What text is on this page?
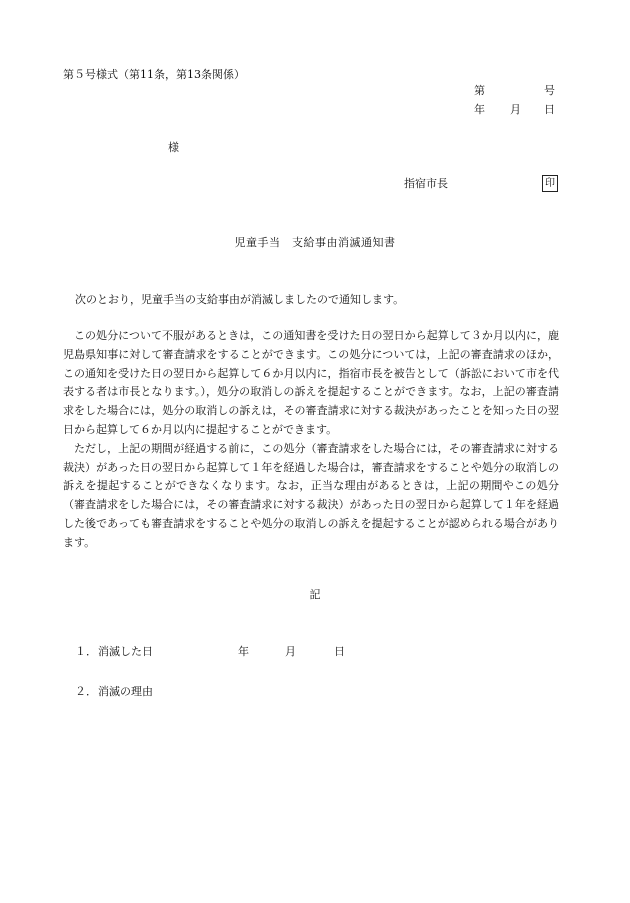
第５号様式（第11条，第13条関係）
第	号
年 月 日
様
指宿市長	印
児童手当　支給事由消滅通知書
次のとおり，児童手当の支給事由が消滅しましたので通知します。

この処分について不服があるときは，この通知書を受けた日の翌日から起算して３か月以内に，鹿児島県知事に対して審査請求をすることができます。この処分については，上記の審査請求のほか，この通知を受けた日の翌日から起算して６か月以内に，指宿市長を被告として（訴訟において市を代表する者は市長となります。），処分の取消しの訴えを提起することができます。なお，上記の審査請求をした場合には，処分の取消しの訴えは，その審査請求に対する裁決があったことを知った日の翌日から起算して６か月以内に提起することができます。

ただし，上記の期間が経過する前に，この処分（審査請求をした場合には，その審査請求に対する裁決）があった日の翌日から起算して１年を経過した場合は，審査請求をすることや処分の取消しの訴えを提起することができなくなります。なお，正当な理由があるときは，上記の期間やこの処分（審査請求をした場合には，その審査請求に対する裁決）があった日の翌日から起算して１年を経過した後であっても審査請求をすることや処分の取消しの訴えを提起することが認められる場合があります。

記
１． 消滅した日	年	月	日
２． 消滅の理由
